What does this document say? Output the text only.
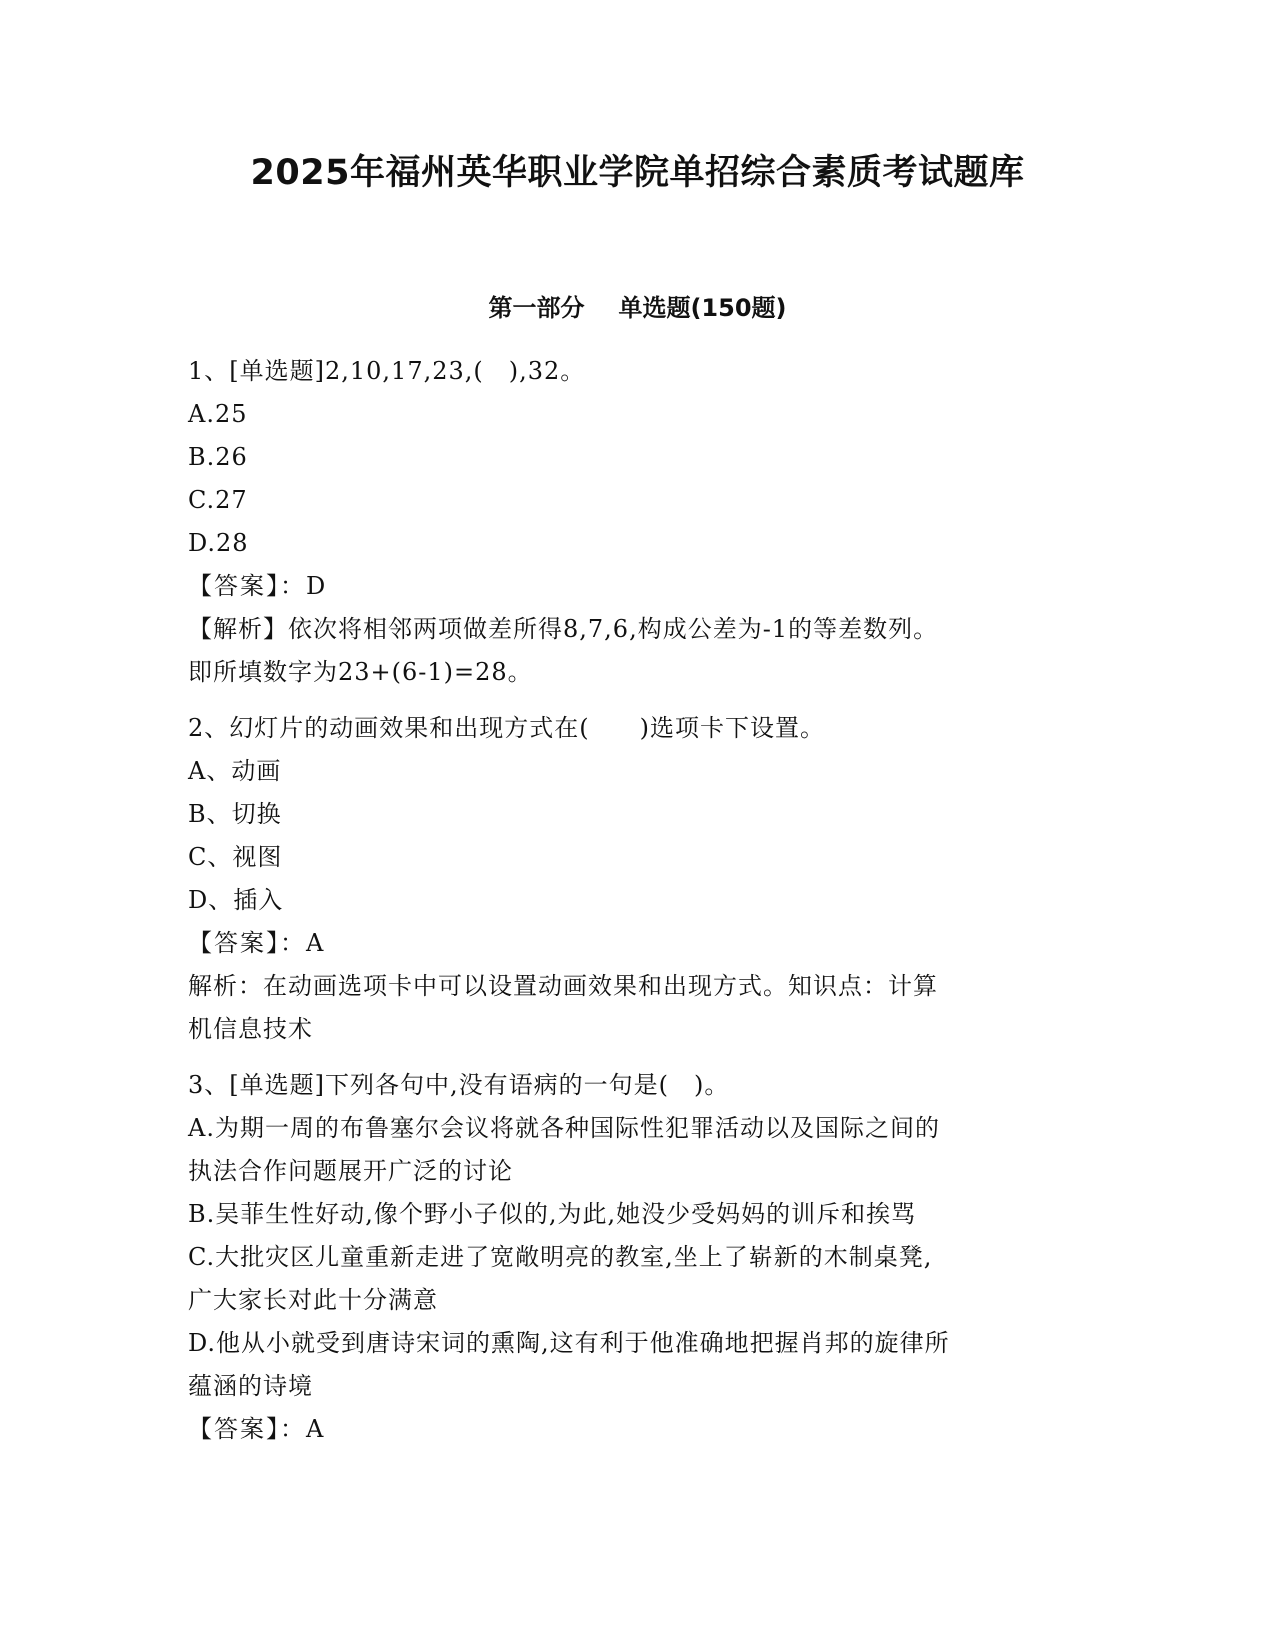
2025年福州英华职业学院单招综合素质考试题库
第一部分 单选题(150题)
1、[单选题]2,10,17,23,(　),32。
A.25
B.26
C.27
D.28
【答案】：D
【解析】依次将相邻两项做差所得8,7,6,构成公差为-1的等差数列。
即所填数字为23+(6-1)=28。
2、幻灯片的动画效果和出现方式在(　　)选项卡下设置。
A、动画
B、切换
C、视图
D、插入
【答案】：A
解析：在动画选项卡中可以设置动画效果和出现方式。知识点：计算
机信息技术
3、[单选题]下列各句中,没有语病的一句是(　)。
A.为期一周的布鲁塞尔会议将就各种国际性犯罪活动以及国际之间的
执法合作问题展开广泛的讨论
B.吴菲生性好动,像个野小子似的,为此,她没少受妈妈的训斥和挨骂
C.大批灾区儿童重新走进了宽敞明亮的教室,坐上了崭新的木制桌凳,
广大家长对此十分满意
D.他从小就受到唐诗宋词的熏陶,这有利于他准确地把握肖邦的旋律所
蕴涵的诗境
【答案】：A
